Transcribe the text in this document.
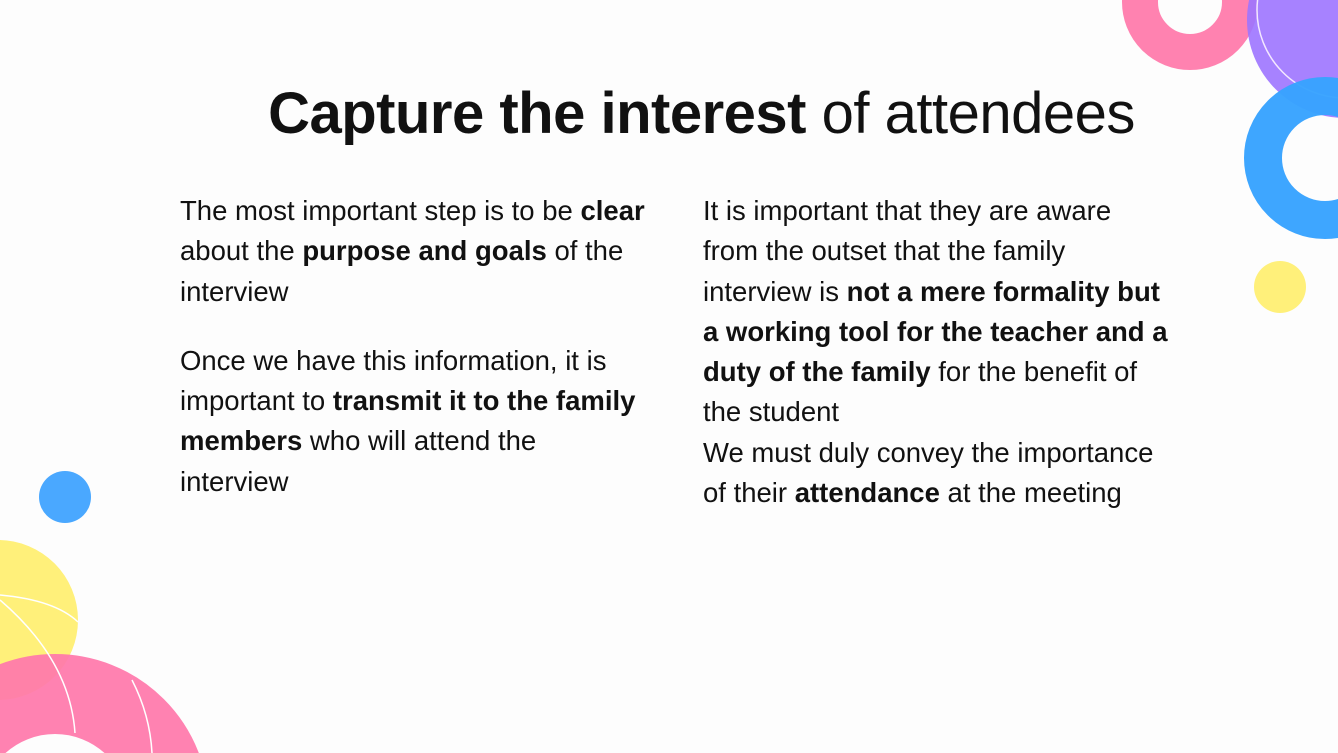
Capture the interest of attendees

The most important step is to be clear about the purpose and goals of the interview

Once we have this information, it is important to transmit it to the family members who will attend the interview

It is important that they are aware from the outset that the family interview is not a mere formality but a working tool for the teacher and a duty of the family for the benefit of

the student

We must duly convey the importance of their attendance at the meeting
